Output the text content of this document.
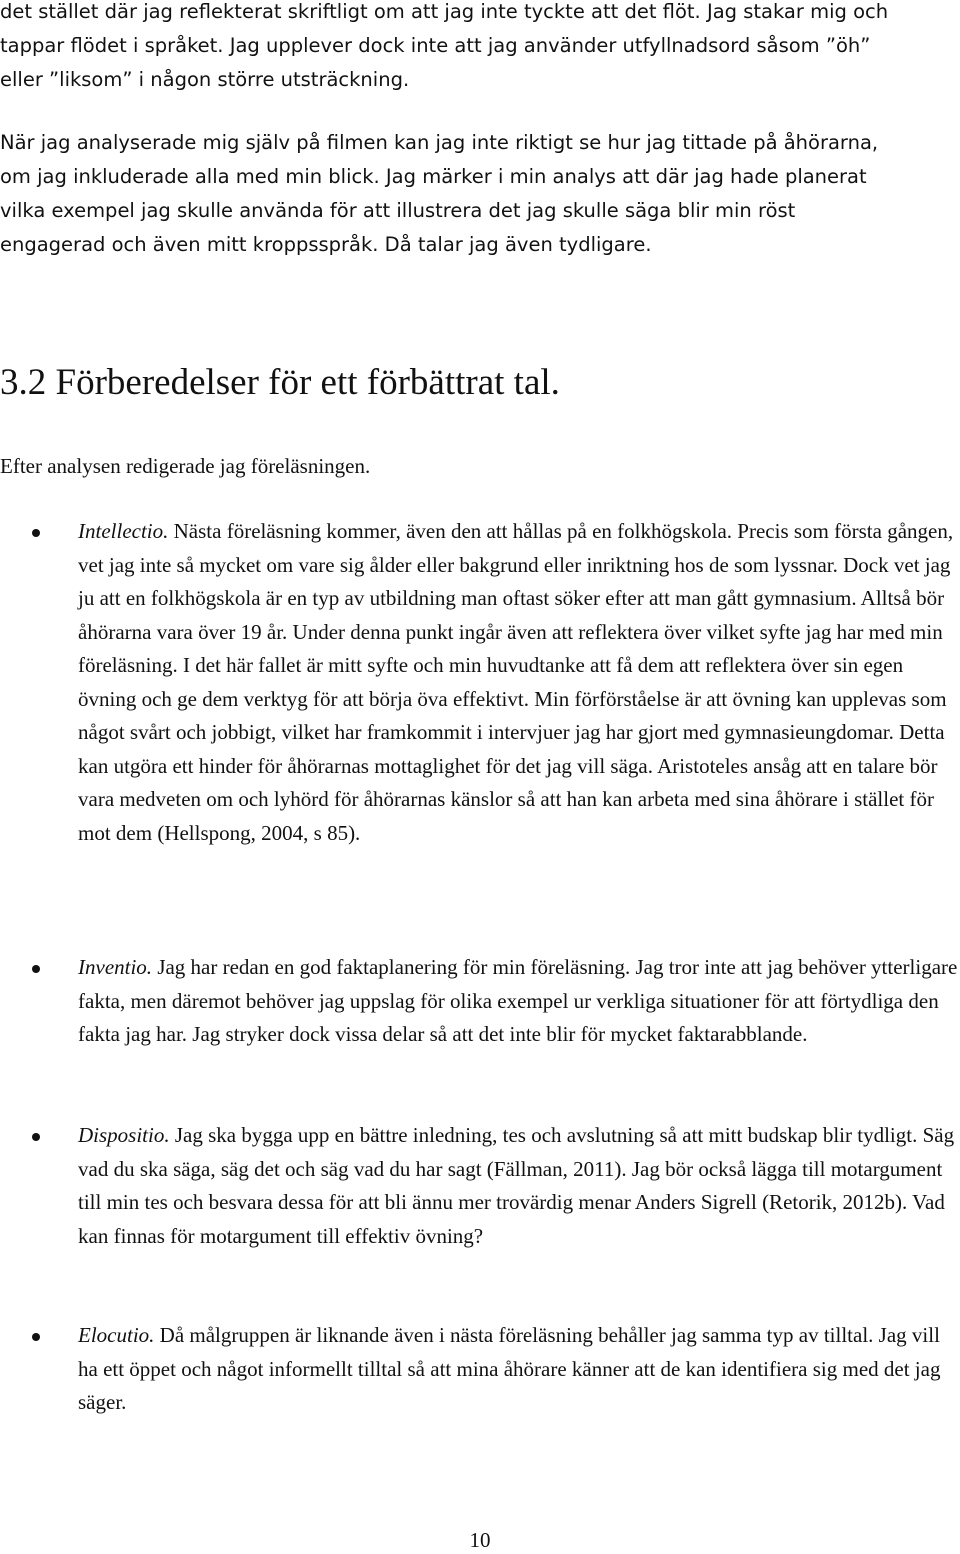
det stället där jag reflekterat skriftligt om att jag inte tyckte att det flöt. Jag stakar mig och tappar flödet i språket. Jag upplever dock inte att jag använder utfyllnadsord såsom ”öh” eller ”liksom” i någon större utsträckning.

När jag analyserade mig själv på filmen kan jag inte riktigt se hur jag tittade på åhörarna, om jag inkluderade alla med min blick. Jag märker i min analys att där jag hade planerat vilka exempel jag skulle använda för att illustrera det jag skulle säga blir min röst engagerad och även mitt kroppsspråk. Då talar jag även tydligare.

3.2 Förberedelser för ett förbättrat tal.

Efter analysen redigerade jag föreläsningen.

Intellectio. Nästa föreläsning kommer, även den att hållas på en folkhögskola. Precis som första gången, vet jag inte så mycket om vare sig ålder eller bakgrund eller inriktning hos de som lyssnar. Dock vet jag ju att en folkhögskola är en typ av utbildning man oftast söker efter att man gått gymnasium. Alltså bör åhörarna vara över 19 år. Under denna punkt ingår även att reflektera över vilket syfte jag har med min föreläsning. I det här fallet är mitt syfte och min huvudtanke att få dem att reflektera över sin egen övning och ge dem verktyg för att börja öva effektivt. Min förförståelse är att övning kan upplevas som något svårt och jobbigt, vilket har framkommit i intervjuer jag har gjort med gymnasieungdomar. Detta kan utgöra ett hinder för åhörarnas mottaglighet för det jag vill säga. Aristoteles ansåg att en talare bör vara medveten om och lyhörd för åhörarnas känslor så att han kan arbeta med sina åhörare i stället för mot dem (Hellspong, 2004, s 85).

Inventio. Jag har redan en god faktaplanering för min föreläsning. Jag tror inte att jag behöver ytterligare fakta, men däremot behöver jag uppslag för olika exempel ur verkliga situationer för att förtydliga den fakta jag har. Jag stryker dock vissa delar så att det inte blir för mycket faktarabblande.

Dispositio. Jag ska bygga upp en bättre inledning, tes och avslutning så att mitt budskap blir tydligt. Säg vad du ska säga, säg det och säg vad du har sagt (Fällman, 2011). Jag bör också lägga till motargument till min tes och besvara dessa för att bli ännu mer trovärdig menar Anders Sigrell (Retorik, 2012b). Vad kan finnas för motargument till effektiv övning?

Elocutio. Då målgruppen är liknande även i nästa föreläsning behåller jag samma typ av tilltal. Jag vill ha ett öppet och något informellt tilltal så att mina åhörare känner att de kan identifiera sig med det jag säger.

10
